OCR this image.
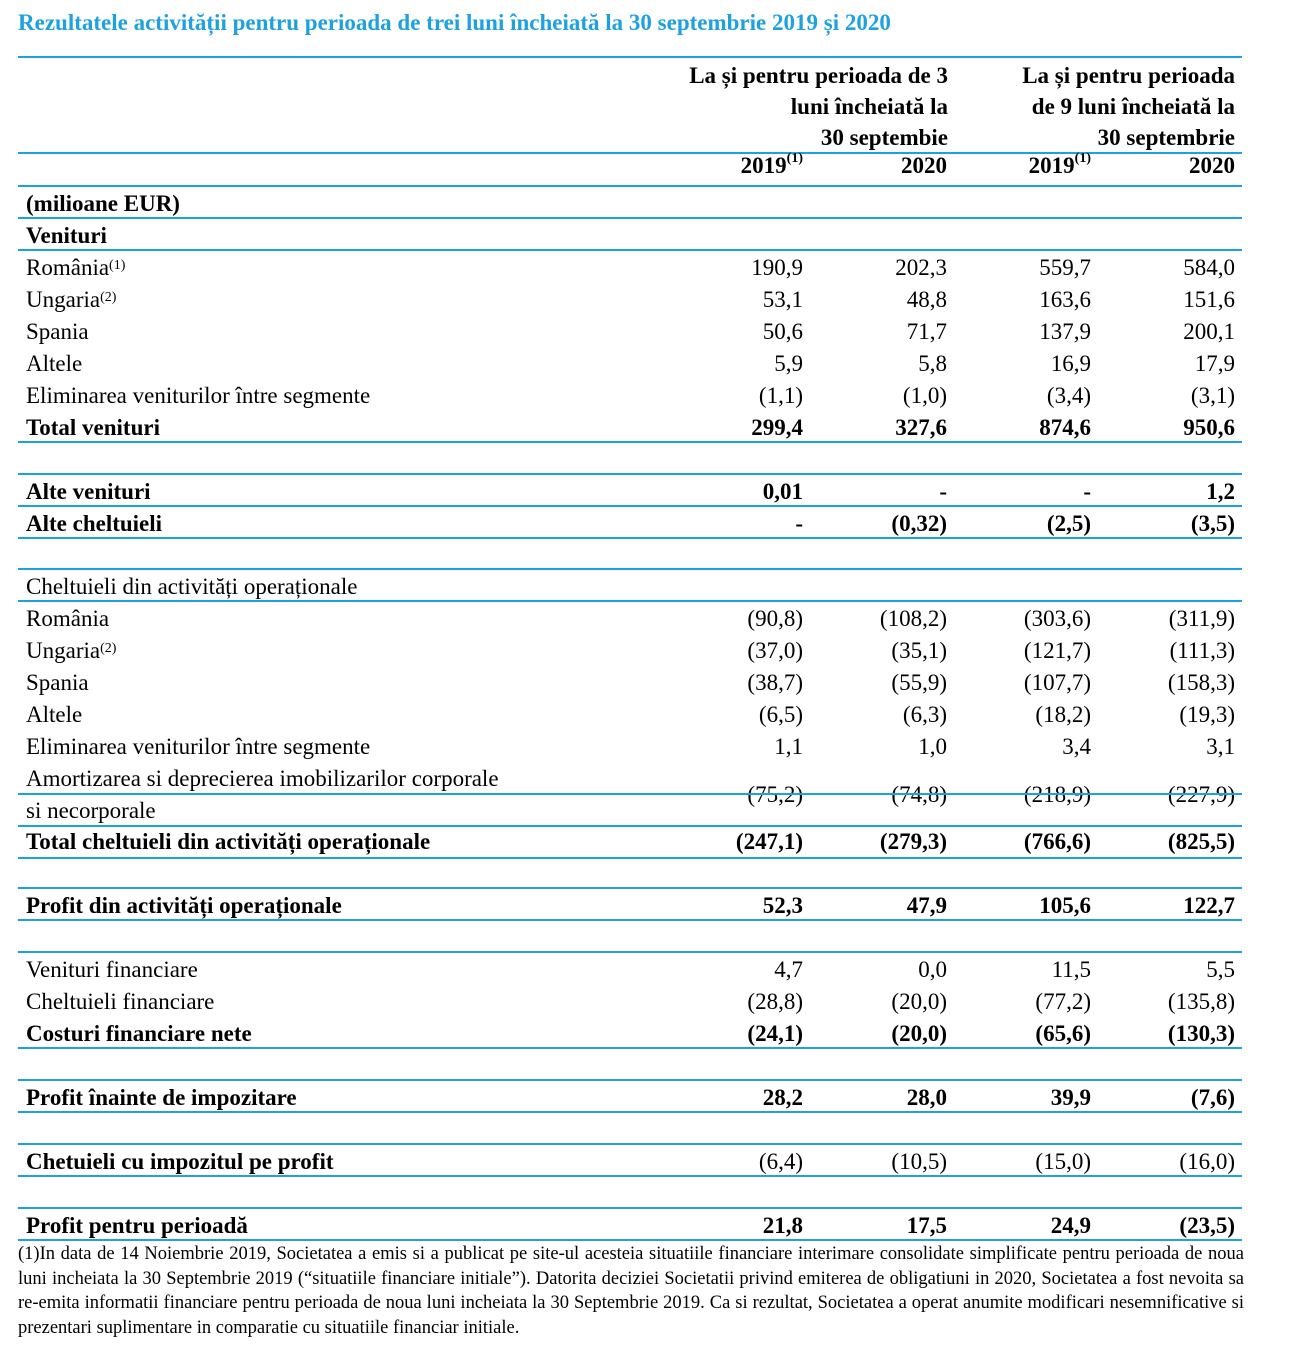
Rezultatele activității pentru perioada de trei luni încheiată la 30 septembrie 2019 și 2020
La și pentru perioada de 3
luni încheiată la
30 septembie
La și pentru perioada
de 9 luni încheiată la
30 septembrie
2019$^{(1)}$	2020	2019$^{(1)}$	2020
(milioane EUR)
Venituri
România$^{(1)}$	190,9	202,3	559,7	584,0
Ungaria$^{(2)}$	53,1	48,8	163,6	151,6
Spania	50,6	71,7	137,9	200,1
Altele	5,9	5,8	16,9	17,9
Eliminarea veniturilor între segmente	(1,1)	(1,0)	(3,4)	(3,1)
Total venituri	299,4	327,6	874,6	950,6
Alte venituri	0,01	-	-	1,2
Alte cheltuieli	-	(0,32)	(2,5)	(3,5)
Cheltuieli din activități operaționale
România	(90,8)	(108,2)	(303,6)	(311,9)
Ungaria$^{(2)}$	(37,0)	(35,1)	(121,7)	(111,3)
Spania	(38,7)	(55,9)	(107,7)	(158,3)
Altele	(6,5)	(6,3)	(18,2)	(19,3)
Eliminarea veniturilor între segmente	1,1	1,0	3,4	3,1
Amortizarea si deprecierea imobilizarilor corporale
si necorporale
(75,2)	(74,8)	(218,9)	(227,9)
Total cheltuieli din activități operaționale	(247,1)	(279,3)	(766,6)	(825,5)
Profit din activități operaționale	52,3	47,9	105,6	122,7
Venituri financiare	4,7	0,0	11,5	5,5
Cheltuieli financiare	(28,8)	(20,0)	(77,2)	(135,8)
Costuri financiare nete	(24,1)	(20,0)	(65,6)	(130,3)
Profit înainte de impozitare	28,2	28,0	39,9	(7,6)
Chetuieli cu impozitul pe profit	(6,4)	(10,5)	(15,0)	(16,0)
Profit pentru perioadă	21,8	17,5	24,9	(23,5)
(1)In data de 14 Noiembrie 2019, Societatea a emis si a publicat pe site-ul acesteia situatiile financiare interimare consolidate simplificate pentru perioada de noua luni incheiata la 30 Septembrie 2019 (“situatiile financiare initiale”). Datorita deciziei Societatii privind emiterea de obligatiuni in 2020, Societatea a fost nevoita sa re-emita informatii financiare pentru perioada de noua luni incheiata la 30 Septembrie 2019. Ca si rezultat, Societatea a operat anumite modificari nesemnificative si prezentari suplimentare in comparatie cu situatiile financiar initiale.
